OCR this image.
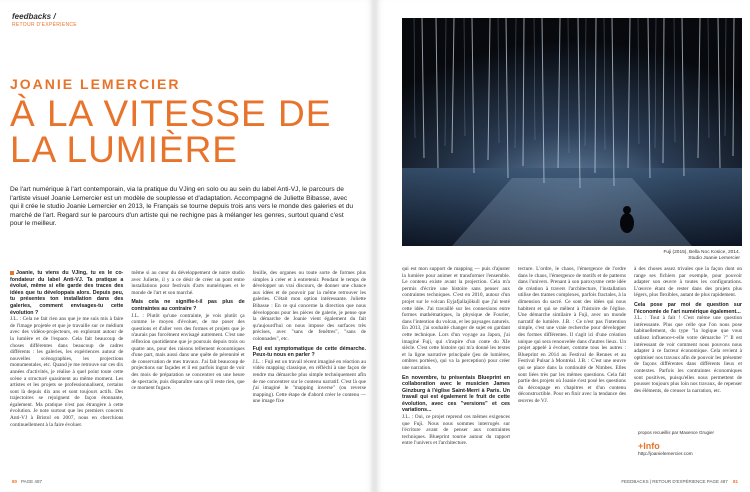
feedbacks /
RETOUR D'EXPÉRIENCE
JOANIE LEMERCIER
À LA VITESSE DE
LA LUMIÈRE
De l'art numérique à l'art contemporain, via la pratique du VJing en solo ou au sein du label Anti-VJ, le parcours de l'artiste visuel Joanie Lemercier est un modèle de souplesse et d'adaptation. Accompagné de Juliette Bibasse, avec qui il crée le studio Joanie Lemercier en 2013, le Français se tourne depuis trois ans vers le monde des galeries et du marché de l'art. Regard sur le parcours d'un artiste qui ne rechigne pas à mélanger les genres, surtout quand c'est pour le meilleur.
Joanie, tu viens du VJing, tu es le co-fondateur du label Anti-VJ. Ta pratique a évolué, même si elle garde des traces des idées que tu développais alors. Depuis peu, tu présentes ton installation dans des galeries, comment envisages-tu cette évolution ?
J.L. : Cela ne fait rien ans que je me suis mis à faire de l'image projetée et que je travaille sur ce médium avec des vidéos-projecteurs, en explorant autour de la lumière et de l'espace. Cela fait beaucoup de choses différentes dans beaucoup de cadres différents : les galeries, les expériences autour de nouvelles scénographies, les projections monumentales, etc. Quand je me retrouve sur ces dix années d'activités, je réalise à quel point toute cette scène a structuré quasiment au même moment. Les artistes et les projets se professionnalisent, certains sont là depuis dix ans et sont toujours actifs. Des trajectoires se rejoignent de façon étonnante, également. Ma pratique n'est pas étrangère à cette évolution. Je note surtout que les premiers concerts Anti-VJ à Bristol en 2007, nous en cherchions continuellement à la faire évoluer.
même si au cœur du développement de notre studio avec Juliette, il y a ce désir de créer un pont entre installations pour festivals d'arts numériques et le monde de l'art et son marché.
Mais cela ne signifie-t-il pas plus de contraintes au contraire ?
J.L. : Plutôt qu'une contrainte, je vois plutôt ça comme le moyen d'évoluer, de me poser des questions et d'aller vers des formes et projets que je n'aurais pas forcément envisagé autrement. C'est une réflexion quotidienne que je poursuis depuis trois ou quatre ans, pour des raisons tellement économiques d'une part, mais aussi dans une quête de pérennité et de conservation de mes travaux. J'ai fait beaucoup de projections sur façades et il est parfois ingrat de voir des mois de préparation se concentrer en une heure de spectacle, puis disparaître sans qu'il reste rien, que ce moment fugace.
feuille, des organes ou toute sorte de formes plus simples à créer et à entretenir. Pendant le temps de développer un vrai discours, de donner une chance aux idées et de pouvoir par la même retrouver les galeries. C'était mon option intéressante. Juliette Bibasse : En ce qui concerne la direction que nous développons pour les pièces de galerie, je pense que la démarche de Joanie vient également du fait qu'aujourd'hui on nous impose des surfaces très précises, avec "sans de fenêtres", "sans de colonnades", etc.
Fuji est symptomatique de cette démarche. Peux-tu nous en parler ?
J.L. : Fuji est un travail récent imaginé en réaction au vidéo mapping classique, en réfléchi à une façon de rendre ma démarche plus simple techniquement afin de me concentrer sur le contenu narratif. C'est là que j'ai imaginé le "mapping inverse" (ou reverse mapping). Cette étape de d'abord créer le contenu — une image fixe
80 PAGE 487
Fuji (2015), Bella Noc Kosice, 2014.
Studio Joanie Lemercier
qui est mon support de mapping — puis d'ajuster la lumière pour animer et transformer l'ensemble. Le contenu existe avant la projection. Cela m'a permis d'écrire une histoire sans penser aux contraintes techniques. C'est en 2010, autour d'un projet sur le volcan Eyjafjallajökull que j'ai tenté cette idée. J'ai travaillé sur les connexions entre formes mathématiques, la physique de Fourier, dans l'intention du volcan, et les paysages naturels. En 2013, j'ai souhaité changer de sujet en gardant cette technique. Lors d'un voyage au Japon, j'ai imaginé Fuji, qui s'inspire d'un conte du XIe siècle. C'est cette histoire qui m'a donné les textes et la ligne narrative principale (jeu de lumières, ombres portées), qui va la perception) pour créer une narration.
En novembre, tu présentais Blueprint en collaboration avec le musicien James Ginzburg à l'église Saint-Merri à Paris. Un travail qui est également le fruit de cette évolution, avec ces "versions" et ces variations...
J.L. : Oui, ce projet reprend ces mêmes exigences que Fuji. Nous nous sommes interrogés sur l'écriture avant de penser aux contraintes techniques. Blueprint tourne autour du rapport entre l'univers et l'architecture.
tecture. L'ordre, le chaos, l'émergence de l'ordre dans le chaos, l'émergence de motifs et de patterns dans l'univers. Prenant à son paroxysme cette idée de création à travers l'architecture, l'installation utilise des trames complexes, parfois fractales, à la dimension du sacré. Ce sont des idées qui nous habitent et qui se mêlent à l'histoire de l'église. Une démarche similaire à Fuji, avec un monde narratif de lumière. J.B. : Ce n'est pas l'intention simple, c'est une vraie recherche pour développer des formes différentes. Il s'agit ici d'une création unique qui sera renouvelée dans d'autres lieux. Un projet appelé à évoluer, comme tous les autres : Blueprint en 2014 au Festival de Rennes et au Festival Pulsar à Montréal. J.B. : C'est une œuvre qui se place dans la continuité de Nimbes. Elles sont liées très par les mêmes questions. Cela fait partie des projets où Joanie s'est posé les questions du découpage en chapitres et d'un contenu déconstructible. Pour en finir avec la tendance des œuvres de VJ.
à des choses assez trivales que la façon dont on range ses fichiers par exemple, pour pouvoir adapter son œuvre à toutes les configurations. L'œuvre étant de rester dans des projets plus légers, plus flexibles, autant de plus rapidement.
Cela pose par moi de question sur l'économie de l'art numérique également...
J.L. : Tout à fait ! C'est même une question intéressante. Plus que celle que l'on nous pose habituellement, du type "la logique que vous utilisez influence-t-elle votre démarche ?" Il est intéressant de voir comment nous pouvons nous adapter à ce facteur économique. Cela revient à optimiser nos travaux afin de pouvoir les présenter de façons différentes dans différents lieux et contextes. Parfois les contraintes économiques sont positives, puisqu'elles nous permettent de pousser toujours plus loin nos travaux, de repenser des éléments, de creuser la narration, etc.
propos recueillis par Maxence Grugier
+Info
http://joanielemercier.com
FEEDBACKS | RETOUR D'EXPÉRIENCE PAGE 487 81
